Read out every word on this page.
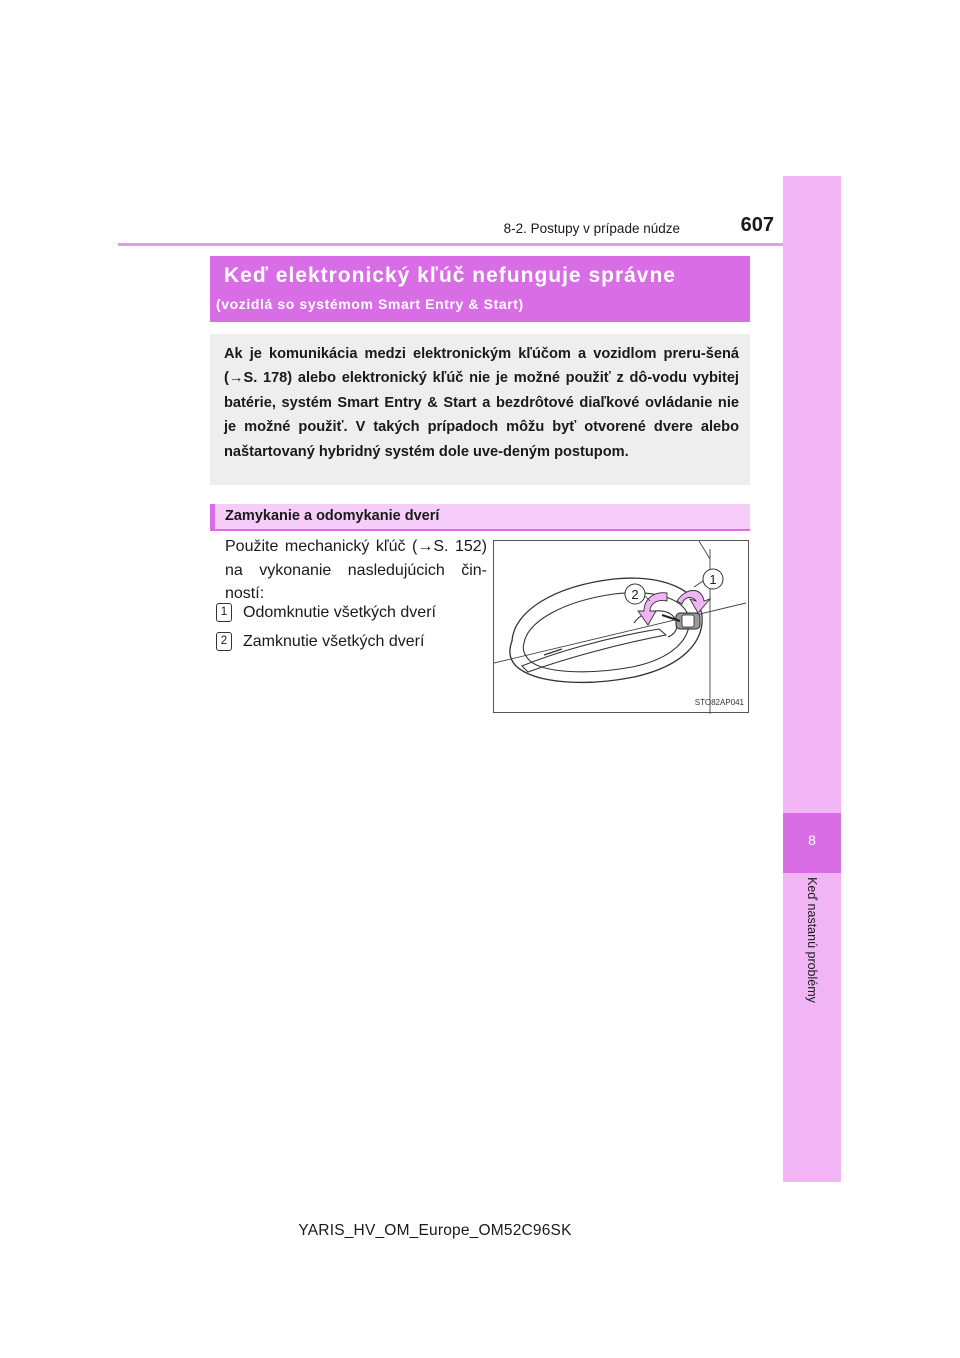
8
Keď nastanú problémy
8-2. Postupy v prípade núdze	607
Keď elektronický kľúč nefunguje správne
(vozidlá so systémom Smart Entry & Start)
Ak je komunikácia medzi elektronickým kľúčom a vozidlom preru-šená (→S. 178) alebo elektronický kľúč nie je možné použiť z dô-vodu vybitej batérie, systém Smart Entry & Start a bezdrôtové diaľkové ovládanie nie je možné použiť. V takých prípadoch môžu byť otvorené dvere alebo naštartovaný hybridný systém dole uve-deným postupom.
Zamykanie a odomykanie dverí
Použite mechanický kľúč (→S. 152) na vykonanie nasledujúcich čin-ností:
1 Odomknutie všetkých dverí
2 Zamknutie všetkých dverí
1
2
STO82AP041
YARIS_HV_OM_Europe_OM52C96SK
